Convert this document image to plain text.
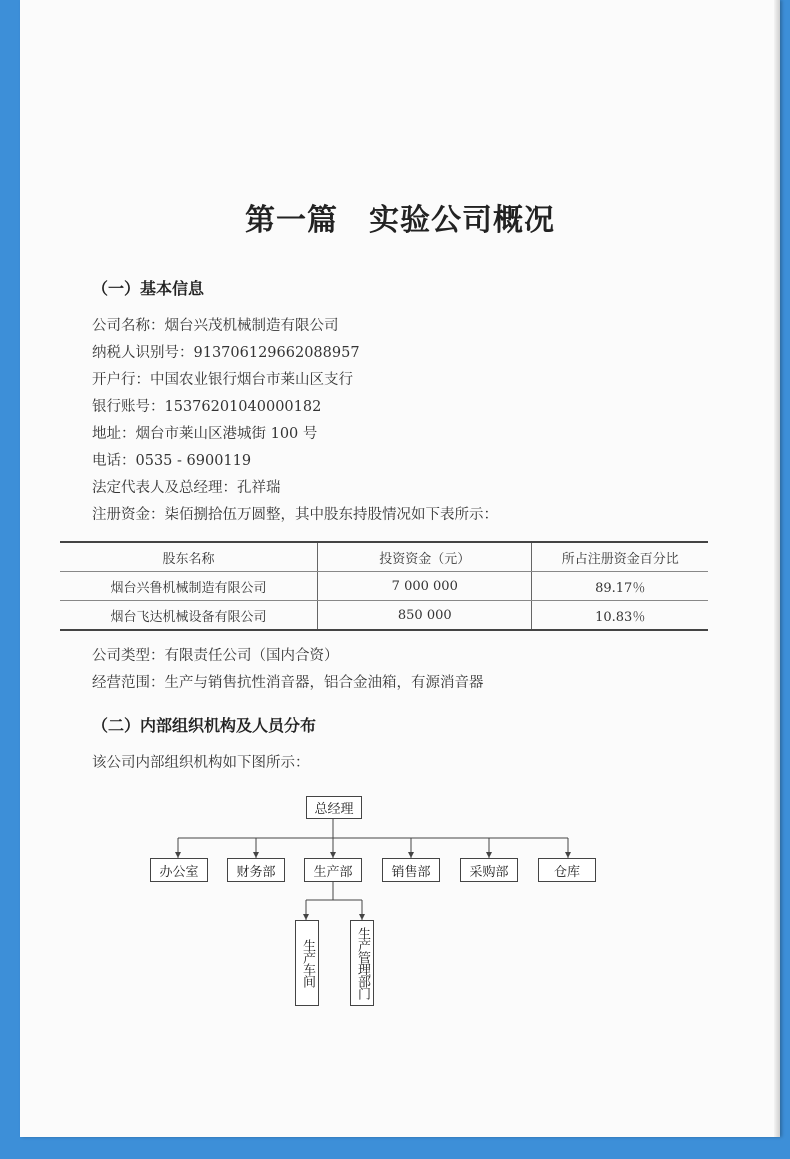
第一篇　实验公司概况
（一）基本信息
公司名称：烟台兴茂机械制造有限公司
纳税人识别号：913706129662088957
开户行：中国农业银行烟台市莱山区支行
银行账号：15376201040000182
地址：烟台市莱山区港城街 100 号
电话：0535 - 6900119
法定代表人及总经理：孔祥瑞
注册资金：柒佰捌拾伍万圆整，其中股东持股情况如下表所示：
股东名称	投资资金（元）	所占注册资金百分比
烟台兴鲁机械制造有限公司	7 000 000	89.17％
烟台飞达机械设备有限公司	850 000	10.83％
公司类型：有限责任公司（国内合资）
经营范围：生产与销售抗性消音器，铝合金油箱，有源消音器
（二）内部组织机构及人员分布
该公司内部组织机构如下图所示：
总经理
办公室	财务部	生产部	销售部	采购部	仓库
生产车间	生产管理部门
